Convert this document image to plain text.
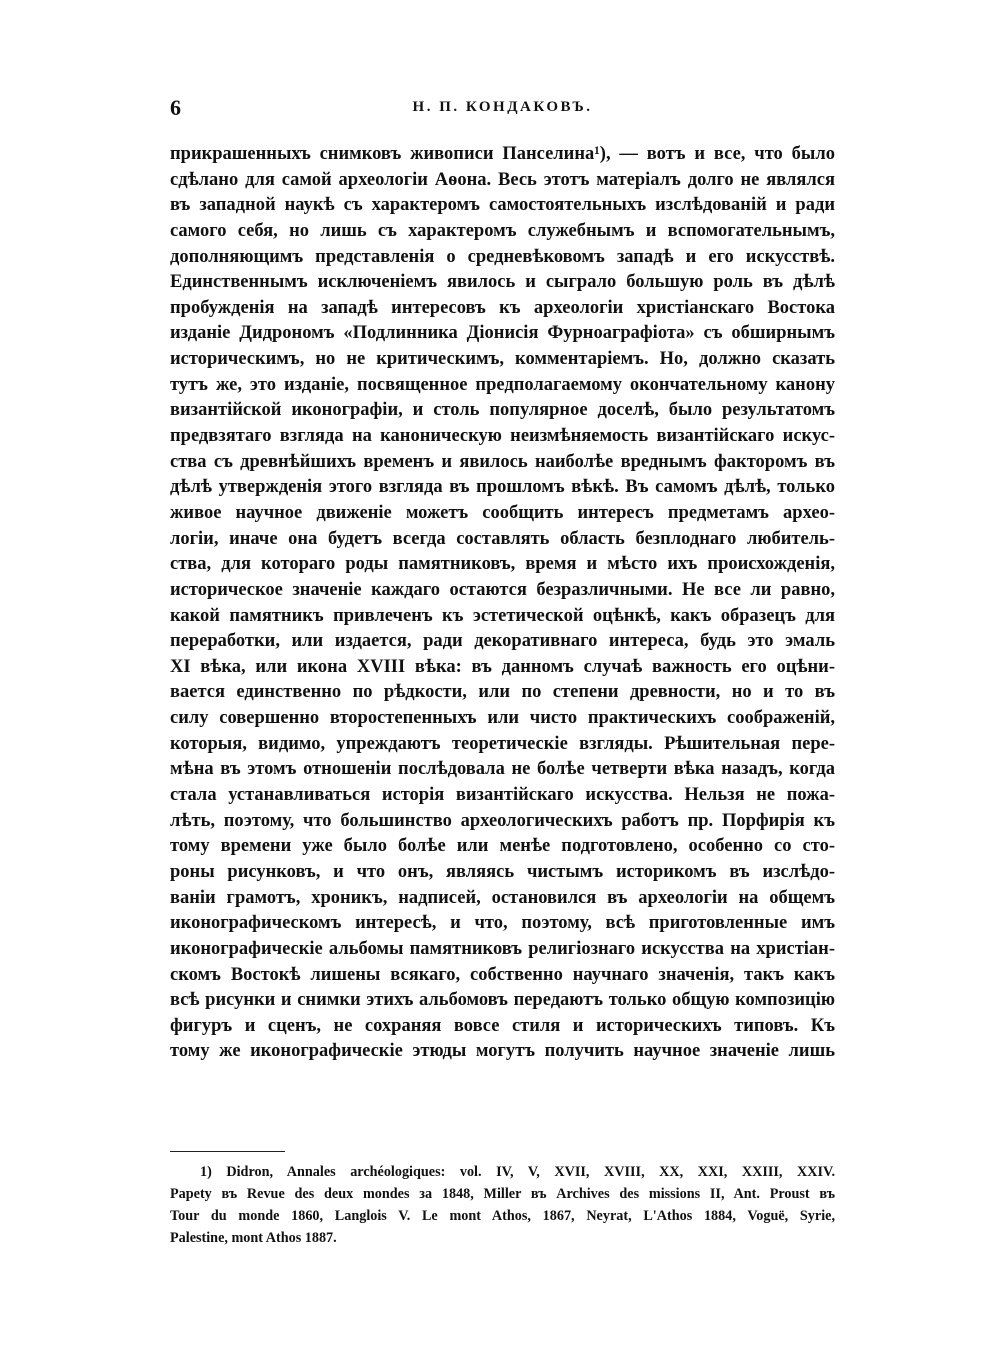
6	Н. П. КОНДАКОВЪ.
прикрашенныхъ снимковъ живописи Панселина¹), — вотъ и все, что было
сдѣлано для самой археологіи Аѳона. Весь этотъ матеріалъ долго не являлся
въ западной наукѣ съ характеромъ самостоятельныхъ изслѣдованій и ради
самого себя, но лишь съ характеромъ служебнымъ и вспомогательнымъ,
дополняющимъ представленія о средневѣковомъ западѣ и его искусствѣ.
Единственнымъ исключеніемъ явилось и сыграло большую роль въ дѣлѣ
пробужденія на западѣ интересовъ къ археологіи христіанскаго Востока
изданіе Дидрономъ «Подлинника Діонисія Фурноаграфіота» съ обширнымъ
историческимъ, но не критическимъ, комментаріемъ. Но, должно сказать
тутъ же, это изданіе, посвященное предполагаемому окончательному канону
византійской иконографіи, и столь популярное доселѣ, было результатомъ
предвзятаго взгляда на каноническую неизмѣняемость византійскаго искус-
ства съ древнѣйшихъ временъ и явилось наиболѣе вреднымъ факторомъ въ
дѣлѣ утвержденія этого взгляда въ прошломъ вѣкѣ. Въ самомъ дѣлѣ, только
живое научное движеніе можетъ сообщить интересъ предметамъ археo-
логіи, иначе она будетъ всегда составлять область безплоднаго любитель-
ства, для котораго роды памятниковъ, время и мѣсто ихъ происхожденія,
историческое значеніе каждаго остаются безразличными. Не все ли равно,
какой памятникъ привлеченъ къ эстетической оцѣнкѣ, какъ образецъ для
переработки, или издается, ради декоративнаго интереса, будь это эмаль
XI вѣка, или икона XVIII вѣка: въ данномъ случаѣ важность его оцѣни-
вается единственно по рѣдкости, или по степени древности, но и то въ
силу совершенно второстепенныхъ или чисто практическихъ соображеній,
которыя, видимо, упреждаютъ теоретическіе взгляды. Рѣшительная пере-
мѣна въ этомъ отношеніи послѣдовала не болѣе четверти вѣка назадъ, когда
стала устанавливаться исторія византійскаго искусства. Нельзя не пожа-
лѣть, поэтому, что большинство археологическихъ работъ пр. Порфирія къ
тому времени уже было болѣе или менѣе подготовлено, особенно со сто-
роны рисунковъ, и что онъ, являясь чистымъ историкомъ въ изслѣдо-
ваніи грамотъ, хроникъ, надписей, остановился въ археологіи на общемъ
иконографическомъ интересѣ, и что, поэтому, всѣ приготовленные имъ
иконографическіе альбомы памятниковъ религіознаго искусства на христіан-
скомъ Востокѣ лишены всякаго, собственно научнаго значенія, такъ какъ
всѣ рисунки и снимки этихъ альбомовъ передаютъ только общую композицію
фигуръ и сценъ, не сохраняя вовсе стиля и историческихъ типовъ. Къ
тому же иконографическіе этюды могутъ получить научное значеніе лишь
1) Didron, Annales archéologiques: vol. IV, V, XVII, XVIII, XX, XXI, XXIII, XXIV.
Papety въ Revue des deux mondes за 1848, Miller въ Archives des missions II, Ant. Proust въ
Tour du monde 1860, Langlois V. Le mont Athos, 1867, Neyrat, L'Athos 1884, Voguë, Syrie,
Palestine, mont Athos 1887.
